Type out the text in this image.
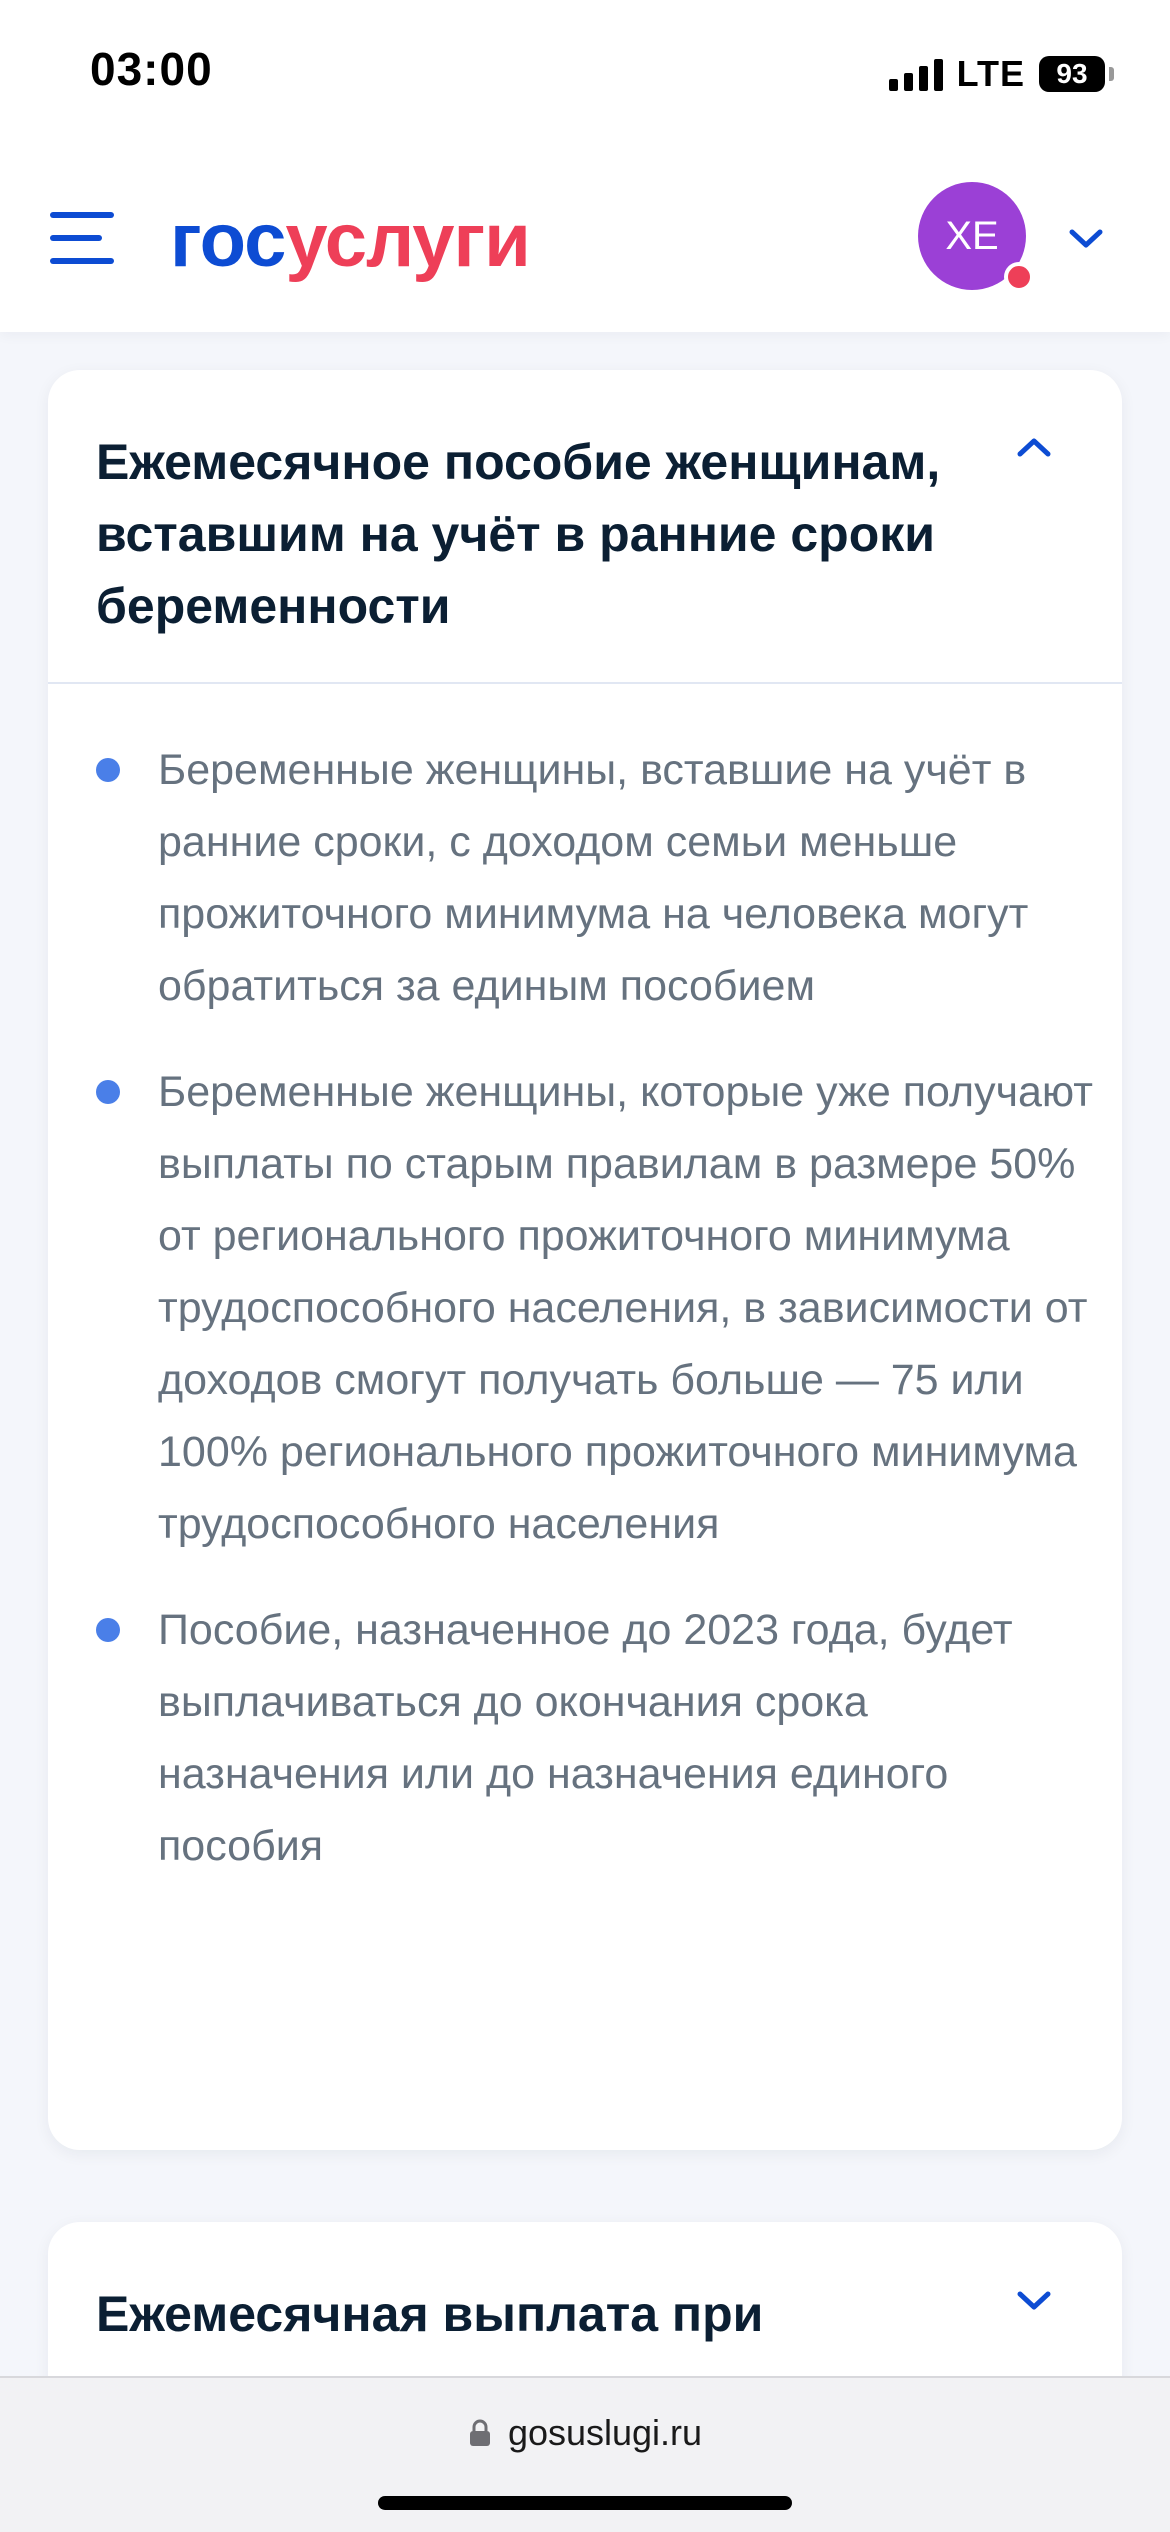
03:00	LTE 93
госуслуги	ХЕ
Ежемесячное пособие женщинам, вставшим на учёт в ранние сроки беременности
Беременные женщины, вставшие на учёт в ранние сроки, с доходом семьи меньше прожиточного минимума на человека могут обратиться за единым пособием
Беременные женщины, которые уже получают выплаты по старым правилам в размере 50% от регионального прожиточного минимума трудоспособного населения, в зависимости от доходов смогут получать больше — 75 или 100% регионального прожиточного минимума трудоспособного населения
Пособие, назначенное до 2023 года, будет выплачиваться до окончания срока назначения или до назначения единого пособия
Ежемесячная выплата при
gosuslugi.ru
